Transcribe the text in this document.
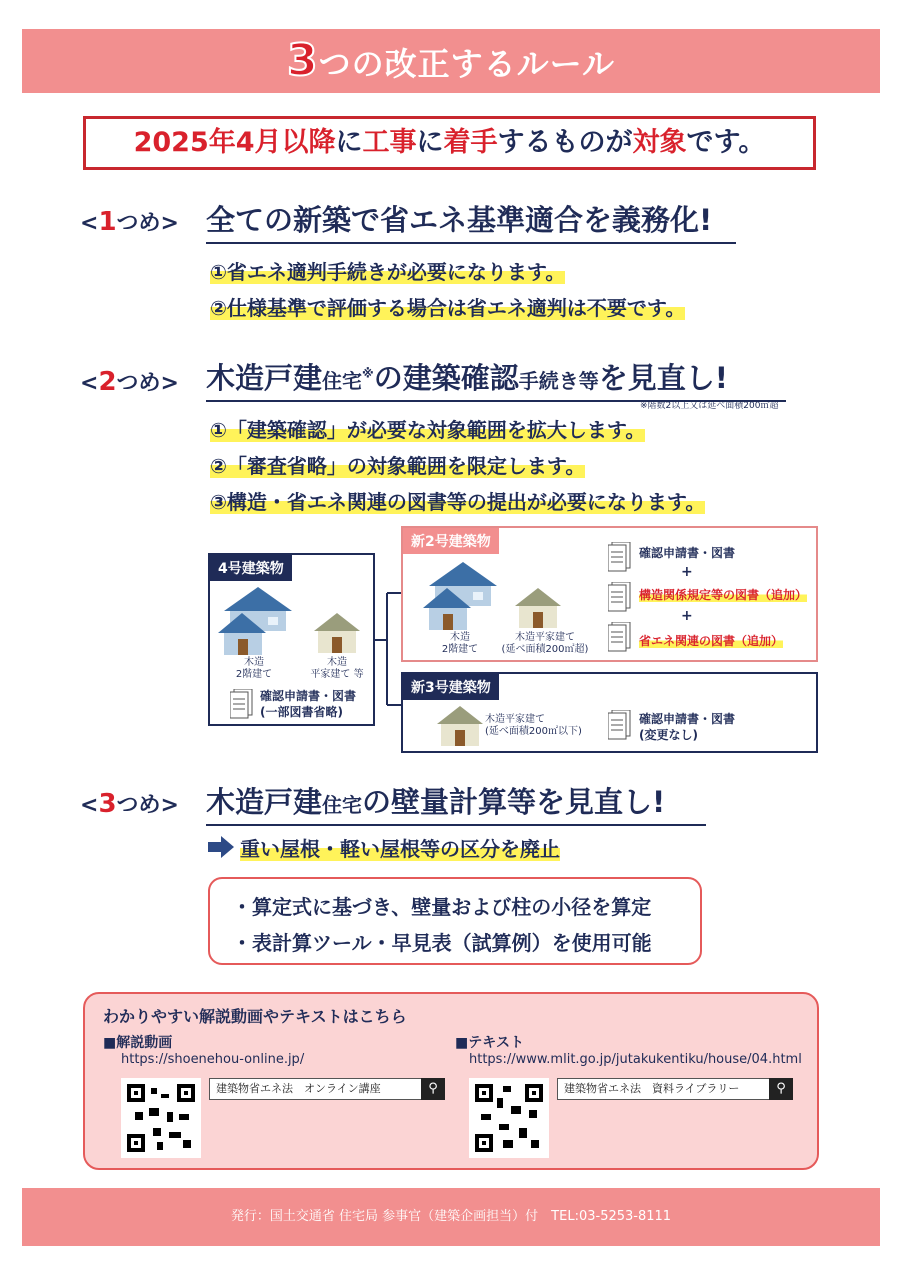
3つの改正するルール
2025年4月以降に工事に着手するものが対象です。
<1つめ> 全ての新築で省エネ基準適合を義務化!
①省エネ適判手続きが必要になります。
②仕様基準で評価する場合は省エネ適判は不要です。
<2つめ> 木造戸建住宅※の建築確認手続き等を見直し!
※階数2以上又は延べ面積200㎡超
①「建築確認」が必要な対象範囲を拡大します。
②「審査省略」の対象範囲を限定します。
③構造・省エネ関連の図書等の提出が必要になります。
4号建築物
木造
2階建て
木造
平家建て 等
確認申請書・図書
(一部図書省略)
新2号建築物
木造
2階建て
木造平家建て
(延べ面積200㎡超)
確認申請書・図書
+
構造関係規定等の図書（追加）
+
省エネ関連の図書（追加）
新3号建築物
木造平家建て
(延べ面積200㎡以下)
確認申請書・図書
(変更なし)
<3つめ> 木造戸建住宅の壁量計算等を見直し!
重い屋根・軽い屋根等の区分を廃止
・算定式に基づき、壁量および柱の小径を算定
・表計算ツール・早見表（試算例）を使用可能
わかりやすい解説動画やテキストはこちら
■解説動画
https://shoenehou-online.jp/
建築物省エネ法　オンライン講座	⚲
■テキスト
https://www.mlit.go.jp/jutakukentiku/house/04.html
建築物省エネ法　資料ライブラリー	⚲
発行：国土交通省 住宅局 参事官（建築企画担当）付　TEL:03-5253-8111
